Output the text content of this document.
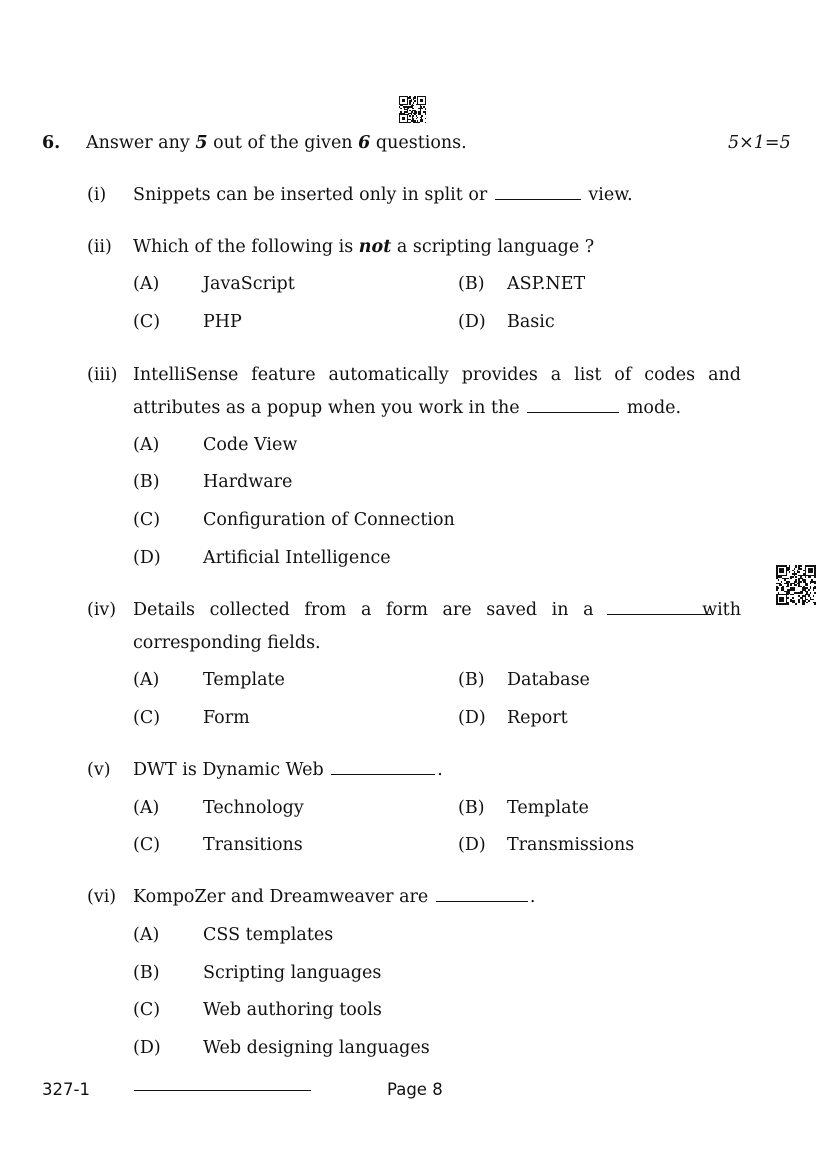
6. Answer any 5 out of the given 6 questions.	5×1=5
(i) Snippets can be inserted only in split or	view.
(ii) Which of the following is not a scripting language ?
(A) JavaScript	(B) ASP.NET
(C) PHP	(D) Basic
(iii) IntelliSense feature automatically provides a list of codes and
attributes as a popup when you work in the	mode.
(A) Code View
(B) Hardware
(C) Configuration of Connection
(D) Artificial Intelligence
(iv) Details collected from a form are saved in a	with
corresponding fields.
(A) Template	(B) Database
(C) Form	(D) Report
(v) DWT is Dynamic Web	.
(A) Technology	(B) Template
(C) Transitions	(D) Transmissions
(vi) KompoZer and Dreamweaver are	.
(A) CSS templates
(B) Scripting languages
(C) Web authoring tools
(D) Web designing languages
327-1	Page 8
